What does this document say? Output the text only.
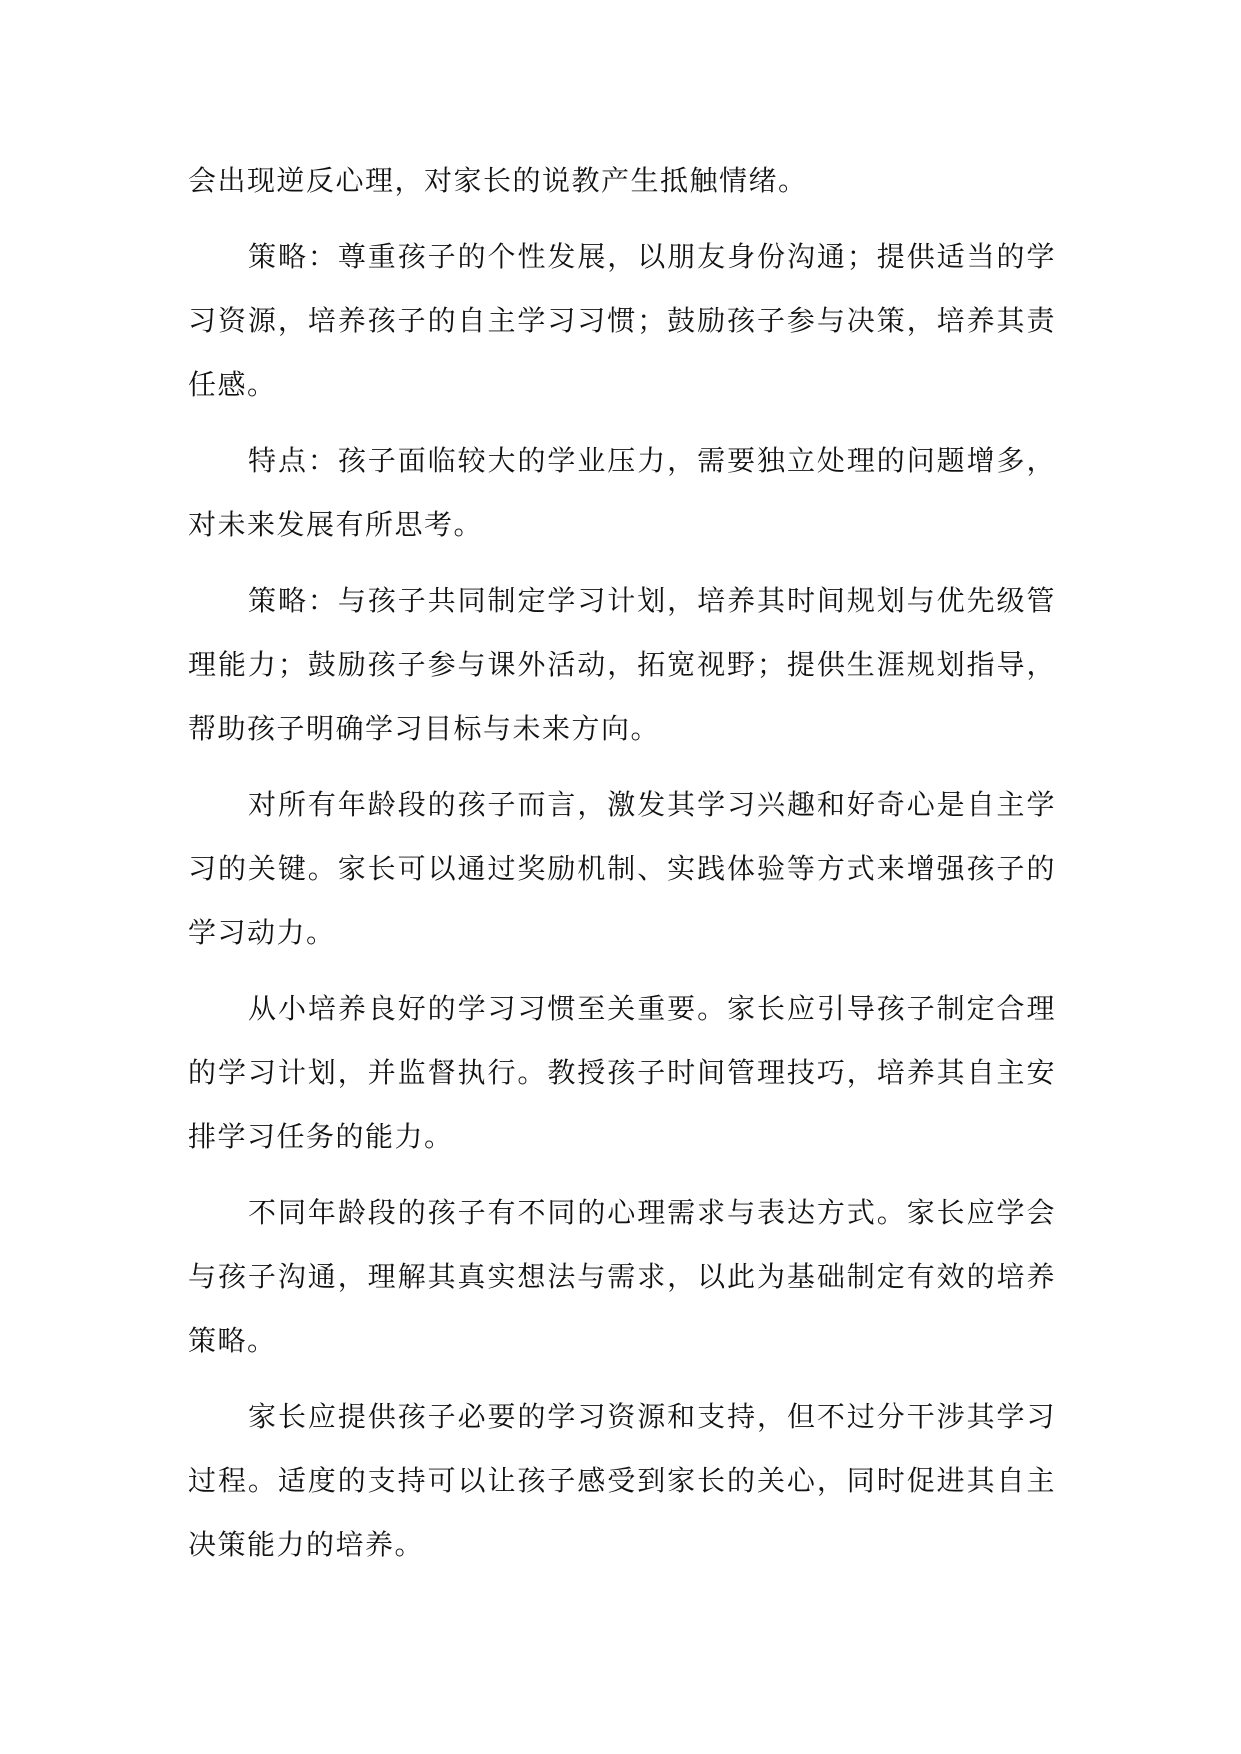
会出现逆反心理，对家长的说教产生抵触情绪。

策略：尊重孩子的个性发展，以朋友身份沟通；提供适当的学习资源，培养孩子的自主学习习惯；鼓励孩子参与决策，培养其责任感。

特点：孩子面临较大的学业压力，需要独立处理的问题增多，对未来发展有所思考。

策略：与孩子共同制定学习计划，培养其时间规划与优先级管理能力；鼓励孩子参与课外活动，拓宽视野；提供生涯规划指导，帮助孩子明确学习目标与未来方向。

对所有年龄段的孩子而言，激发其学习兴趣和好奇心是自主学习的关键。家长可以通过奖励机制、实践体验等方式来增强孩子的学习动力。

从小培养良好的学习习惯至关重要。家长应引导孩子制定合理的学习计划，并监督执行。教授孩子时间管理技巧，培养其自主安排学习任务的能力。

不同年龄段的孩子有不同的心理需求与表达方式。家长应学会与孩子沟通，理解其真实想法与需求，以此为基础制定有效的培养策略。

家长应提供孩子必要的学习资源和支持，但不过分干涉其学习过程。适度的支持可以让孩子感受到家长的关心，同时促进其自主决策能力的培养。
